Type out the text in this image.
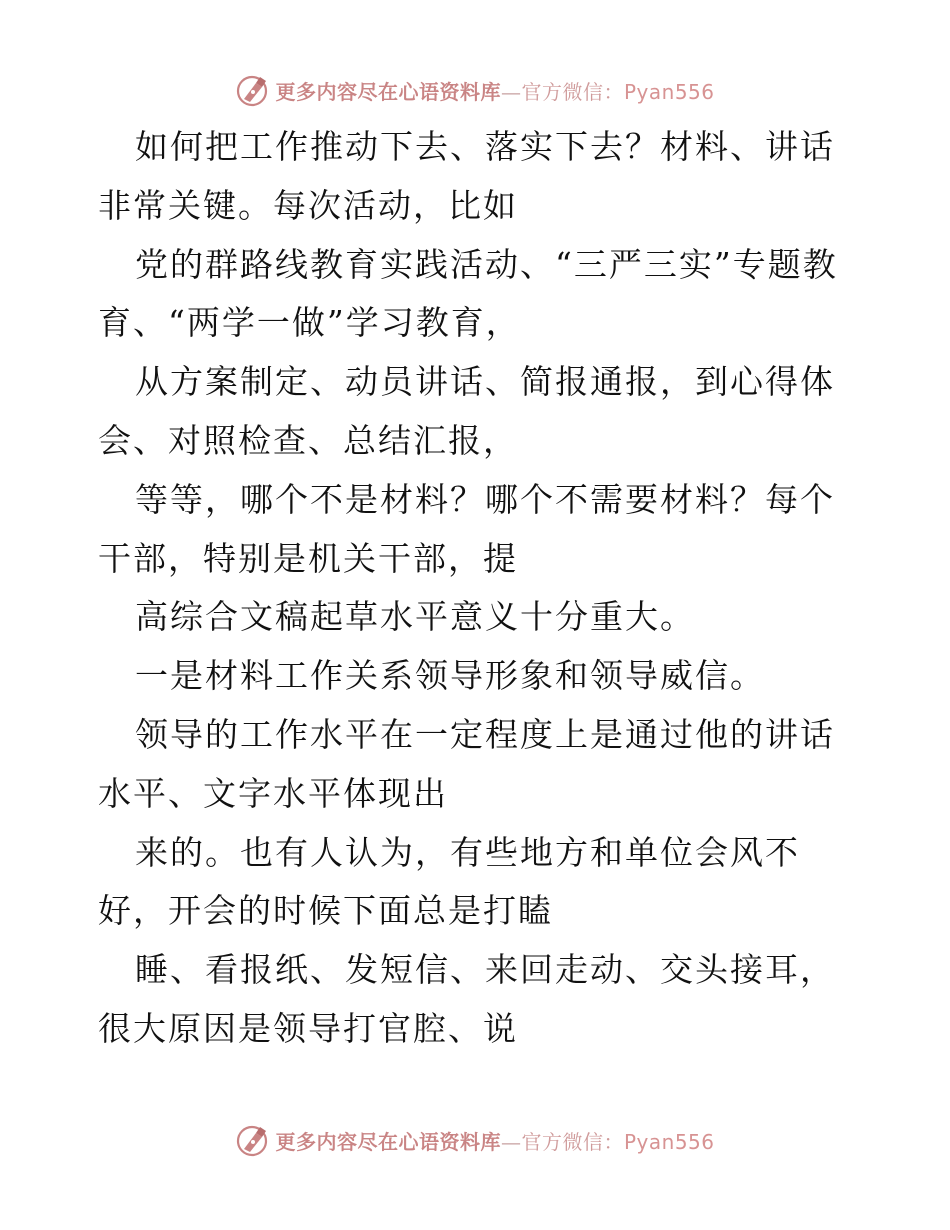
更多内容尽在心语资料库—官方微信：Pyan556

如何把工作推动下去、落实下去？材料、讲话非常关键。每次活动，比如

党的群路线教育实践活动、“三严三实”专题教育、“两学一做”学习教育，

从方案制定、动员讲话、简报通报，到心得体会、对照检查、总结汇报，

等等，哪个不是材料？哪个不需要材料？每个干部，特别是机关干部，提

高综合文稿起草水平意义十分重大。

一是材料工作关系领导形象和领导威信。

领导的工作水平在一定程度上是通过他的讲话水平、文字水平体现出

来的。也有人认为，有些地方和单位会风不好，开会的时候下面总是打瞌

睡、看报纸、发短信、来回走动、交头接耳，很大原因是领导打官腔、说

更多内容尽在心语资料库—官方微信：Pyan556
